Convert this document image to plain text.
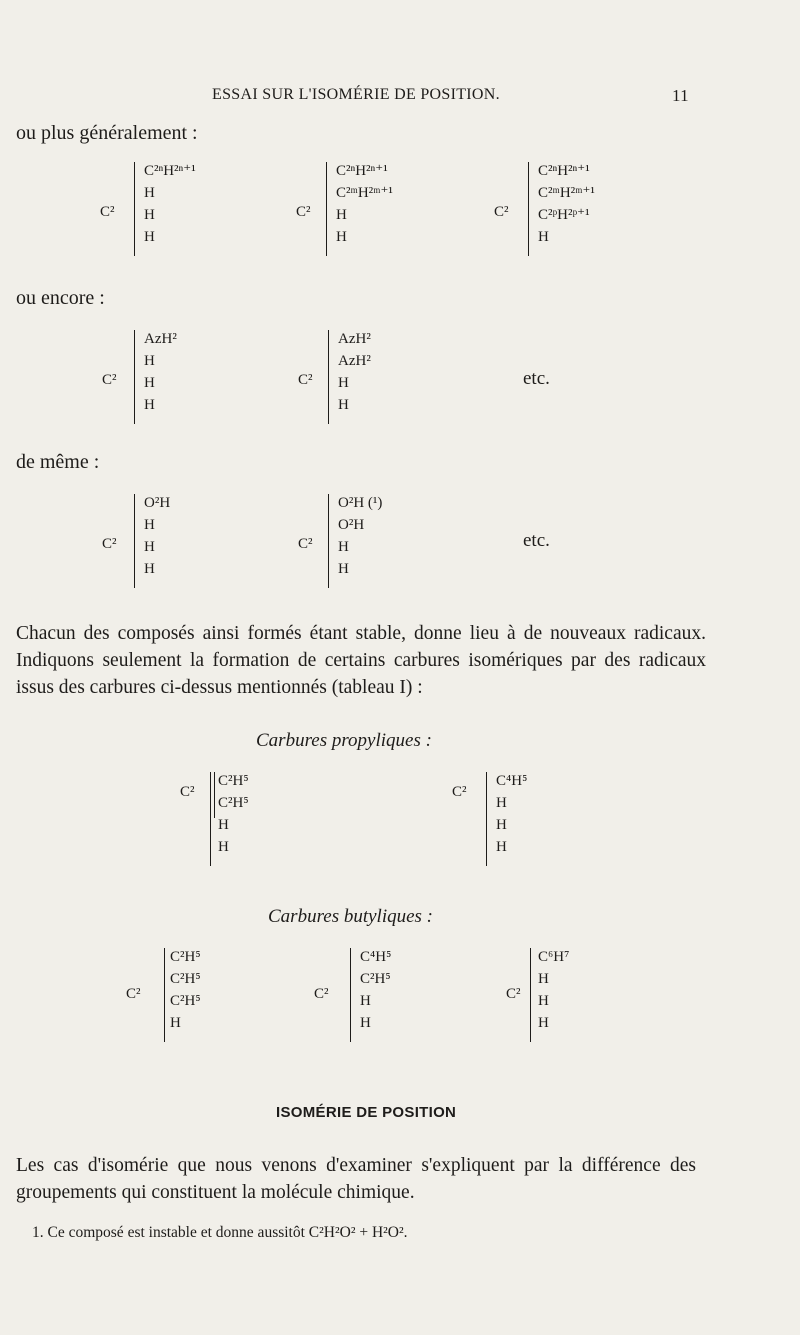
ESSAI SUR L'ISOMÉRIE DE POSITION.	11
ou plus généralement :
C²
C²ⁿH²ⁿ⁺¹
H
H
H
C²
C²ⁿH²ⁿ⁺¹
C²ᵐH²ᵐ⁺¹
H
H
C²
C²ⁿH²ⁿ⁺¹
C²ᵐH²ᵐ⁺¹
C²ᵖH²ᵖ⁺¹
H
ou encore :
C²
AzH²
H
H
H
C²
AzH²
AzH²
H
H
etc.
de même :
C²
O²H
H
H
H
C²
O²H (¹)
O²H
H
H
etc.
Chacun des composés ainsi formés étant stable, donne lieu à de nouveaux radicaux. Indiquons seulement la formation de certains carbures isomériques par des radicaux issus des carbures ci-dessus mentionnés (tableau I) :
Carbures propyliques :
C²
C²H⁵
C²H⁵
H
H
C²
C⁴H⁵
H
H
H
Carbures butyliques :
C²
C²H⁵
C²H⁵
C²H⁵
H
C²
C⁴H⁵
C²H⁵
H
H
C²
C⁶H⁷
H
H
H
ISOMÉRIE DE POSITION
Les cas d'isomérie que nous venons d'examiner s'expliquent par la différence des groupements qui constituent la molécule chimique.
1. Ce composé est instable et donne aussitôt C²H²O² + H²O².
